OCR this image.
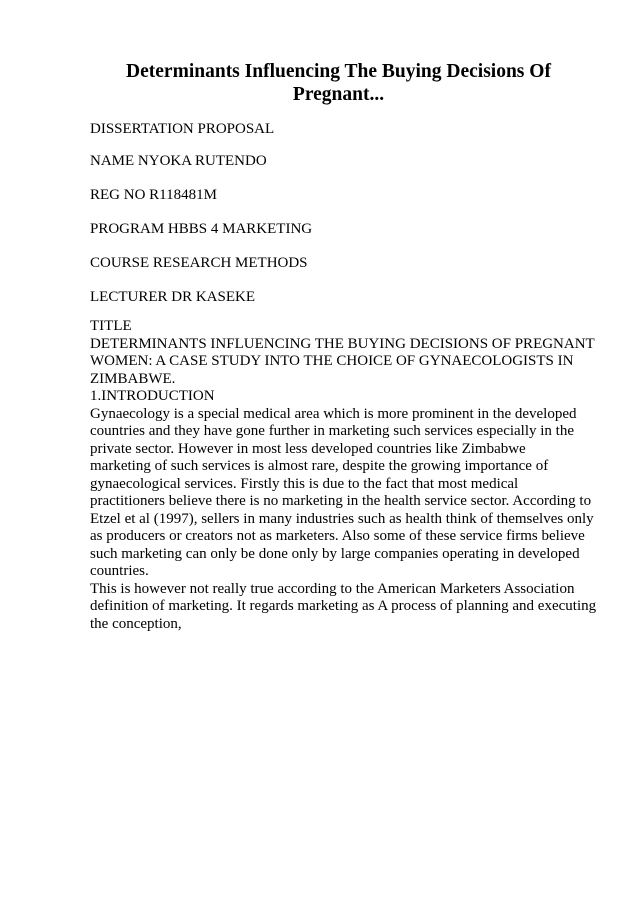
Determinants Influencing The Buying Decisions Of
Pregnant...
DISSERTATION PROPOSAL
NAME NYOKA RUTENDO
REG NO R118481M
PROGRAM HBBS 4 MARKETING
COURSE RESEARCH METHODS
LECTURER DR KASEKE
TITLE
DETERMINANTS INFLUENCING THE BUYING DECISIONS OF PREGNANT
WOMEN: A CASE STUDY INTO THE CHOICE OF GYNAECOLOGISTS IN
ZIMBABWE.
1.INTRODUCTION
Gynaecology is a special medical area which is more prominent in the developed
countries and they have gone further in marketing such services especially in the
private sector. However in most less developed countries like Zimbabwe
marketing of such services is almost rare, despite the growing importance of
gynaecological services. Firstly this is due to the fact that most medical
practitioners believe there is no marketing in the health service sector. According to
Etzel et al (1997), sellers in many industries such as health think of themselves only
as producers or creators not as marketers. Also some of these service firms believe
such marketing can only be done only by large companies operating in developed
countries.
This is however not really true according to the American Marketers Association
definition of marketing. It regards marketing as A process of planning and executing
the conception,
